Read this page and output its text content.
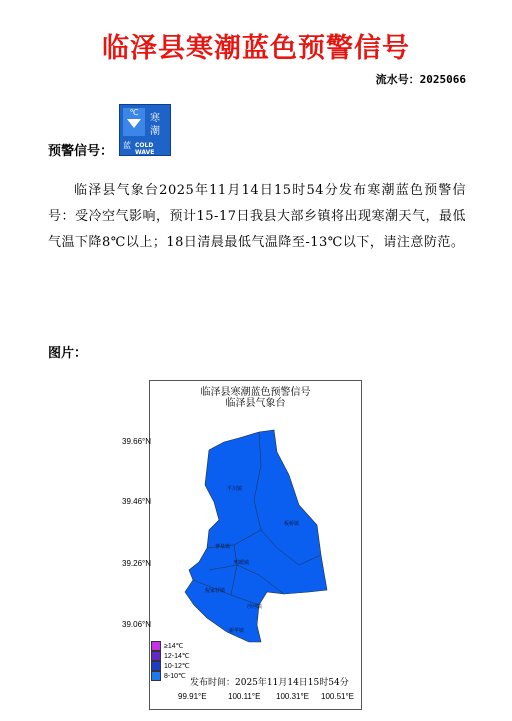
临泽县寒潮蓝色预警信号
流水号：2025066
℃
寒
潮
蓝 COLD WAVE
预警信号：
临泽县气象台2025年11月14日15时54分发布寒潮蓝色预警信号：受冷空气影响，预计15-17日我县大部乡镇将出现寒潮天气，最低气温下降8℃以上；18日清晨最低气温降至-13℃以下，请注意防范。
图片：
临泽县寒潮蓝色预警信号
临泽县气象台
平川镇
板桥镇
蓼泉镇
鸭暖镇
倪家营镇
沙河镇
新华镇
39.66°N
39.46°N
39.26°N
39.06°N
≥14℃
12-14℃
10-12℃
8-10℃
发布时间：2025年11月14日15时54分
99.91°E	100.11°E 100.31°E 100.51°E
